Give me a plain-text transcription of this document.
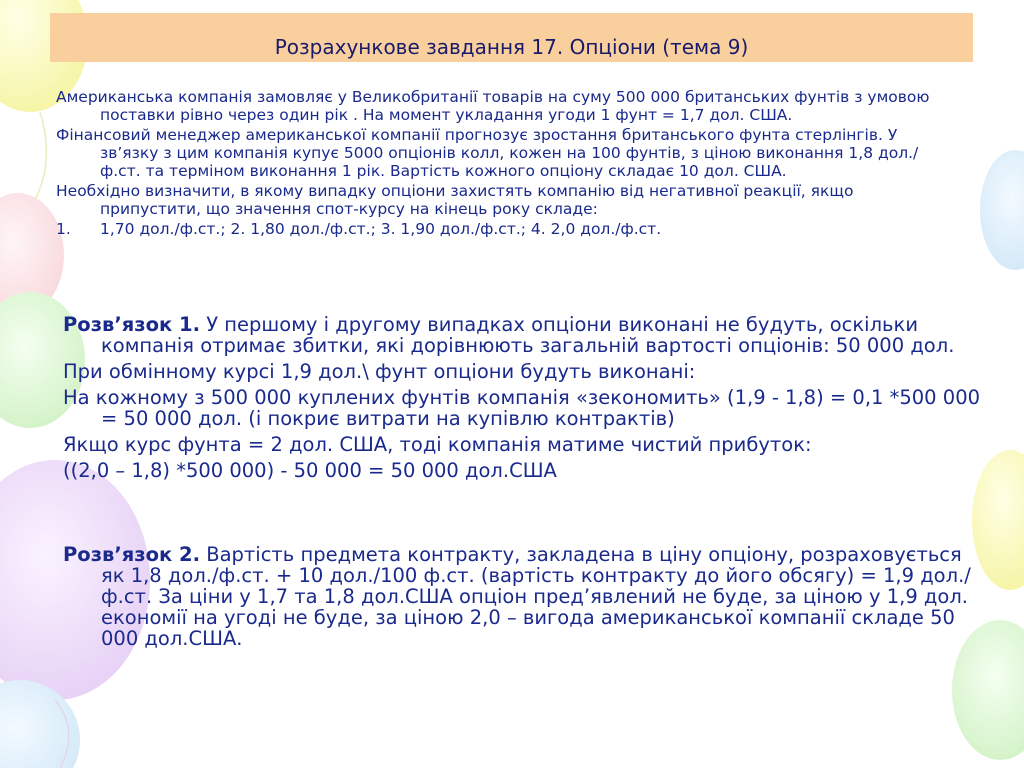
Розрахункове завдання 17. Опціони (тема 9)

Американська компанія замовляє у Великобританії товарів на суму 500 000 британських фунтів з умовою поставки рівно через один рік . На момент укладання угоди 1 фунт = 1,7 дол. США.

Фінансовий менеджер американської компанії прогнозує зростання британського фунта стерлінгів. У зв’язку з цим компанія купує 5000 опціонів колл, кожен на 100 фунтів, з ціною виконання 1,8 дол./ф.ст. та терміном виконання 1 рік. Вартість кожного опціону складає 10 дол. США.

Необхідно визначити, в якому випадку опціони захистять компанію від негативної реакції, якщо припустити, що значення спот-курсу на кінець року складе:

1. 1,70 дол./ф.ст.; 2. 1,80 дол./ф.ст.; 3. 1,90 дол./ф.ст.; 4. 2,0 дол./ф.ст.

Розв’язок 1. У першому і другому випадках опціони виконані не будуть, оскільки компанія отримає збитки, які дорівнюють загальній вартості опціонів: 50 000 дол.

При обмінному курсі 1,9 дол.\ фунт опціони будуть виконані:

На кожному з 500 000 куплених фунтів компанія «зекономить» (1,9 - 1,8) = 0,1 *500 000 = 50 000 дол. (і покриє витрати на купівлю контрактів)

Якщо курс фунта = 2 дол. США, тоді компанія матиме чистий прибуток:

((2,0 – 1,8) *500 000) - 50 000 = 50 000 дол.США

Розв’язок 2. Вартість предмета контракту, закладена в ціну опціону, розраховується як 1,8 дол./ф.ст. + 10 дол./100 ф.ст. (вартість контракту до його обсягу) = 1,9 дол./ф.ст. За ціни у 1,7 та 1,8 дол.США опціон пред’явлений не буде, за ціною у 1,9 дол. економії на угоді не буде, за ціною 2,0 – вигода американської компанії складе 50 000 дол.США.
